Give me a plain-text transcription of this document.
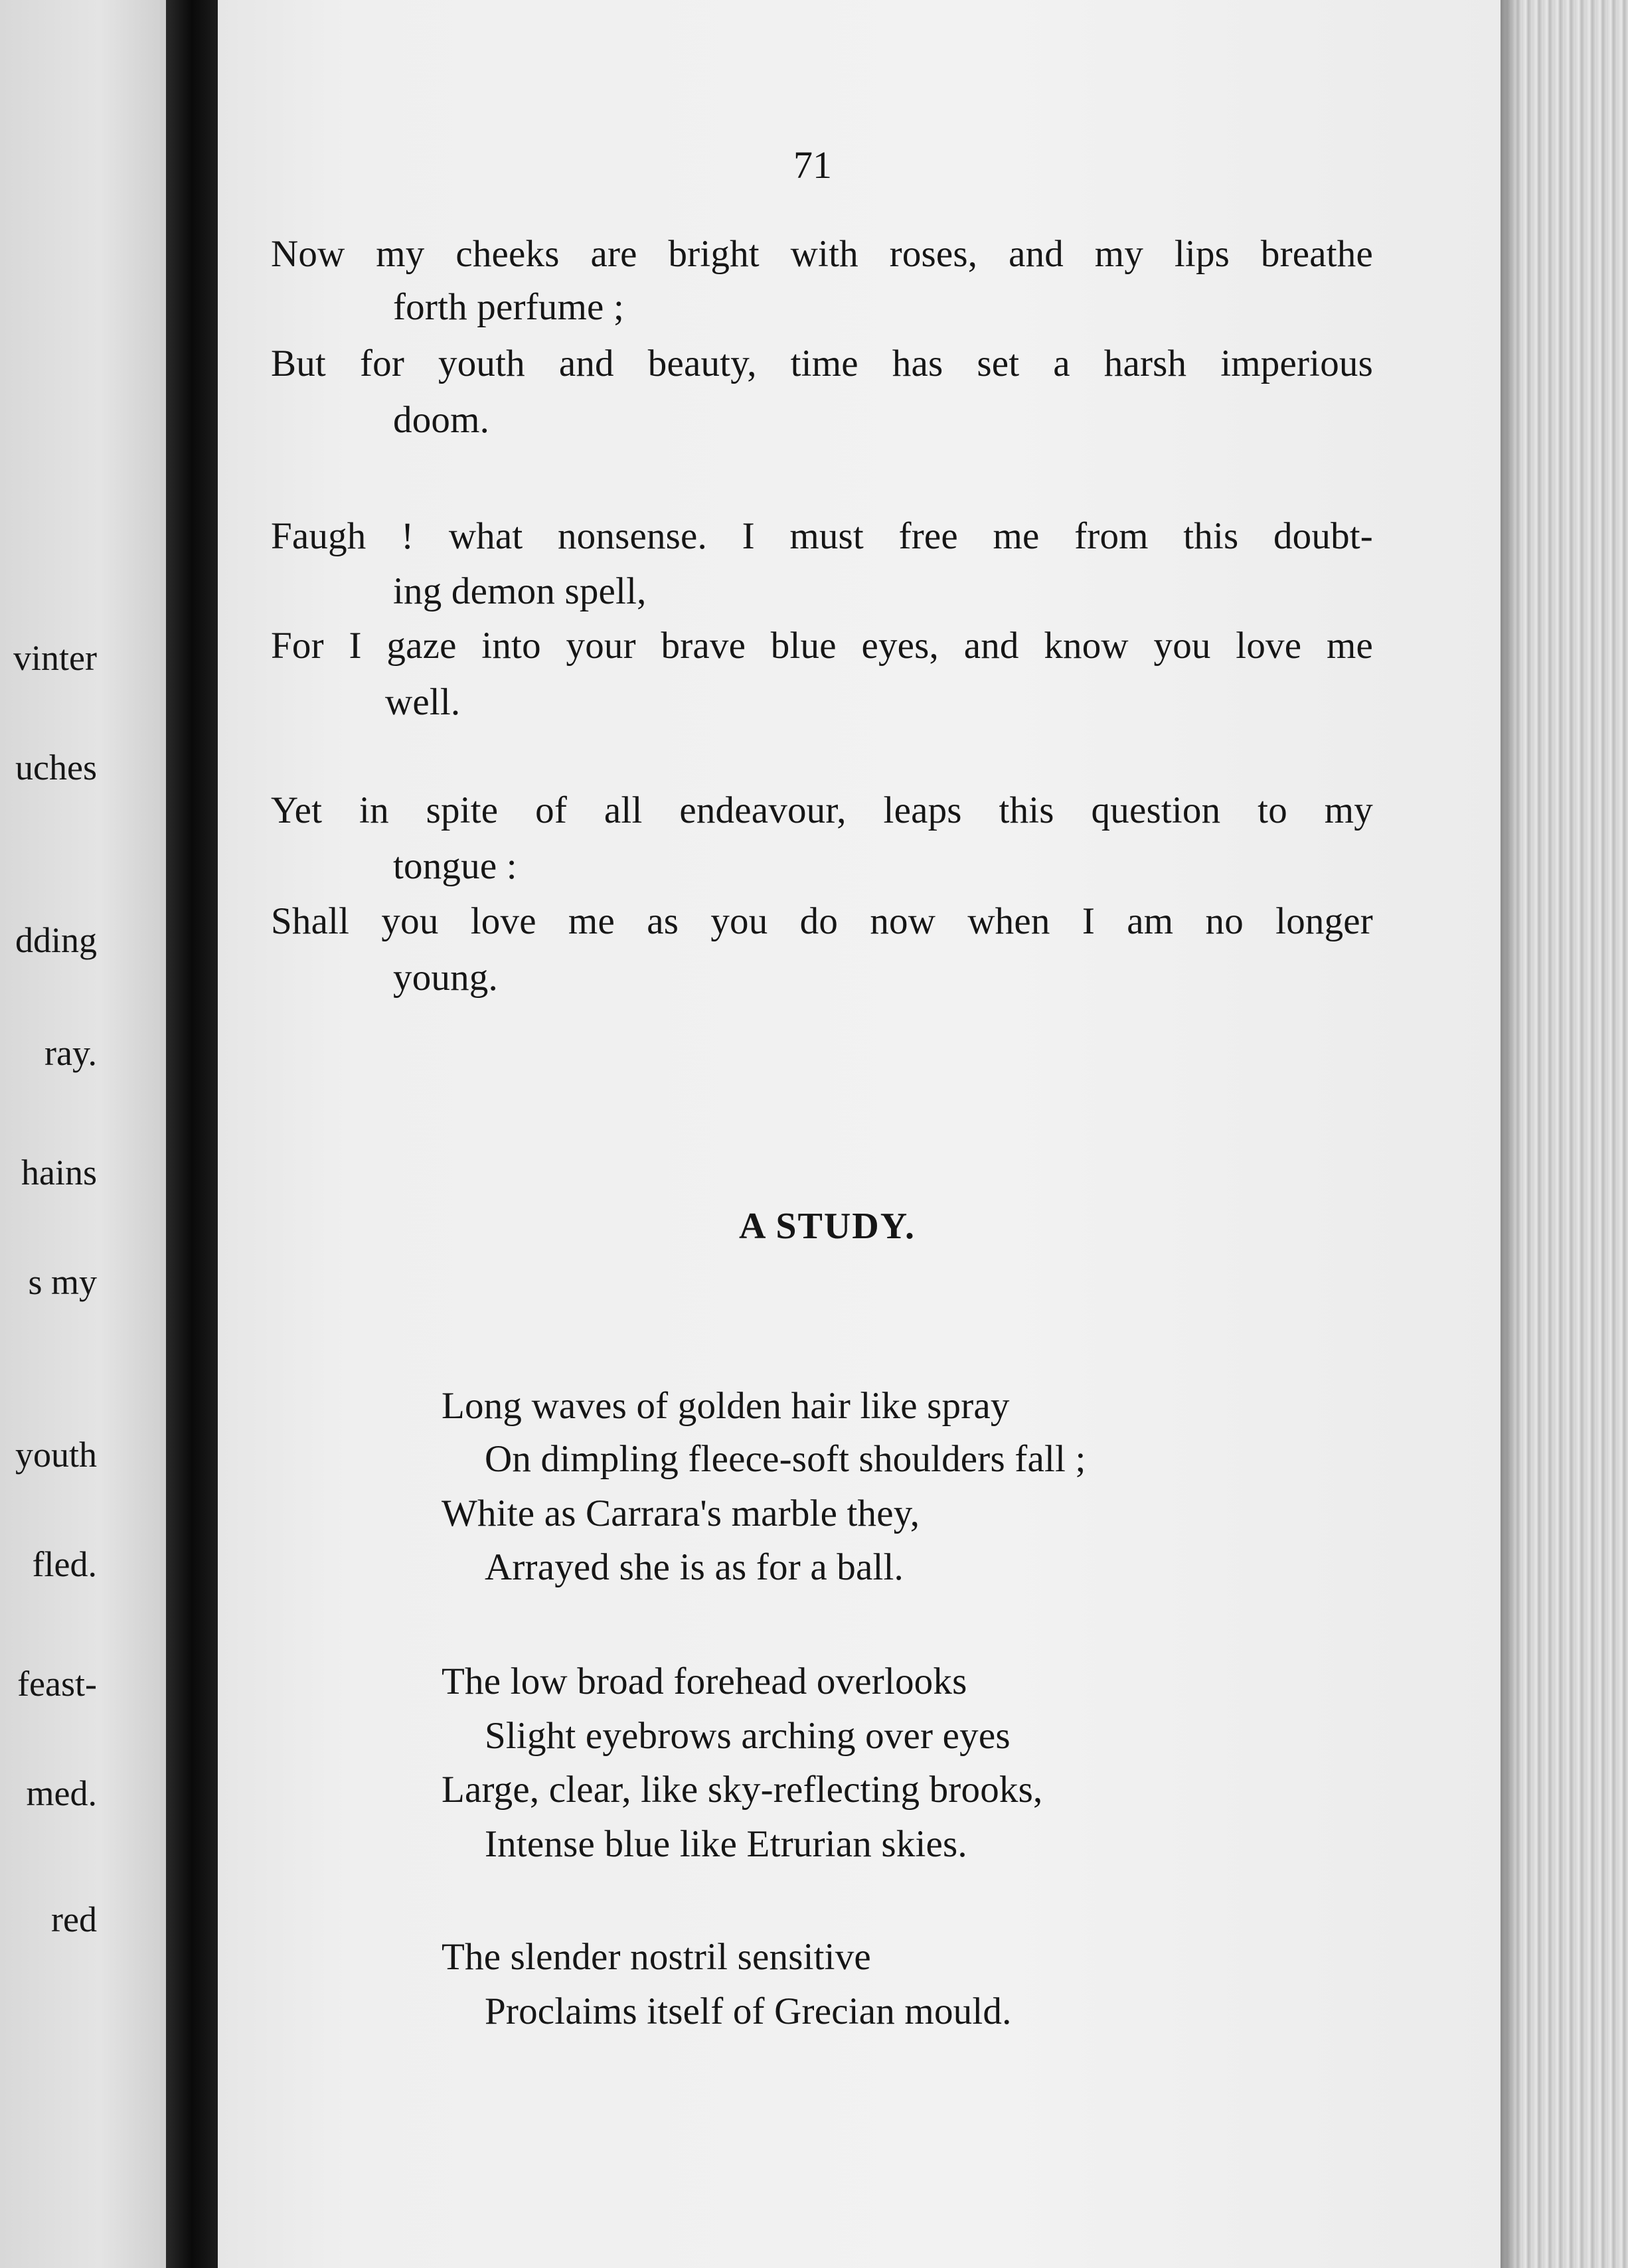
vinter
uches
dding
ray.
hains
s my
youth
fled.
feast-
med.
red
71
Now my cheeks are bright with roses, and my lips breathe
forth perfume ;
But for youth and beauty, time has set a harsh imperious
doom.
Faugh ! what nonsense. I must free me from this doubt-
ing demon spell,
For I gaze into your brave blue eyes, and know you love me
well.
Yet in spite of all endeavour, leaps this question to my
tongue :
Shall you love me as you do now when I am no longer
young.
A STUDY.
Long waves of golden hair like spray
On dimpling fleece-soft shoulders fall ;
White as Carrara's marble they,
Arrayed she is as for a ball.
The low broad forehead overlooks
Slight eyebrows arching over eyes
Large, clear, like sky-reflecting brooks,
Intense blue like Etrurian skies.
The slender nostril sensitive
Proclaims itself of Grecian mould.
